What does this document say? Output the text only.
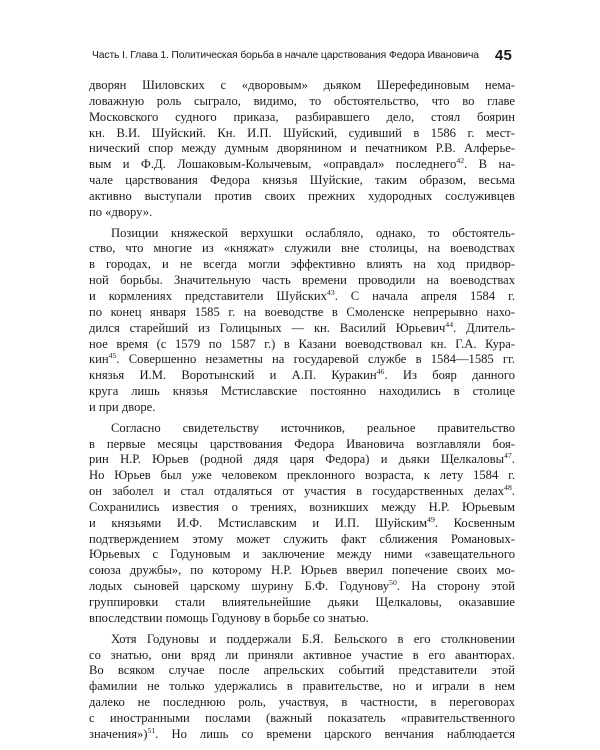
Часть I. Глава 1. Политическая борьба в начале царствования Федора Ивановича 45

дворян Шиловских с «дворовым» дьяком Шерефединовым нема-
ловажную роль сыграло, видимо, то обстоятельство, что во главе
Московского судного приказа, разбиравшего дело, стоял боярин
кн. В.И. Шуйский. Кн. И.П. Шуйский, судивший в 1586 г. мест-
нический спор между думным дворянином и печатником Р.В. Алферье-
вым и Ф.Д. Лошаковым-Колычевым, «оправдал» последнего$^{42}$. В на-
чале царствования Федора князья Шуйские, таким образом, весьма
активно выступали против своих прежних худородных сослуживцев
по «двору».

Позиции княжеской верхушки ослабляло, однако, то обстоятель-
ство, что многие из «княжат» служили вне столицы, на воеводствах
в городах, и не всегда могли эффективно влиять на ход придвор-
ной борьбы. Значительную часть времени проводили на воеводствах
и кормлениях представители Шуйских$^{43}$. С начала апреля 1584 г.
по конец января 1585 г. на воеводстве в Смоленске непрерывно нахо-
дился старейший из Голицыных — кн. Василий Юрьевич$^{44}$. Длитель-
ное время (с 1579 по 1587 г.) в Казани воеводствовал кн. Г.А. Кура-
кин$^{45}$. Совершенно незаметны на государевой службе в 1584—1585 гг.
князья И.М. Воротынский и А.П. Куракин$^{46}$. Из бояр данного
круга лишь князья Мстиславские постоянно находились в столице
и при дворе.

Согласно свидетельству источников, реальное правительство
в первые месяцы царствования Федора Ивановича возглавляли боя-
рин Н.Р. Юрьев (родной дядя царя Федора) и дьяки Щелкаловы$^{47}$.
Но Юрьев был уже человеком преклонного возраста, к лету 1584 г.
он заболел и стал отдаляться от участия в государственных делах$^{48}$.
Сохранились известия о трениях, возникших между Н.Р. Юрьевым
и князьями И.Ф. Мстиславским и И.П. Шуйским$^{49}$. Косвенным
подтверждением этому может служить факт сближения Романовых-
Юрьевых с Годуновым и заключение между ними «завещательного
союза дружбы», по которому Н.Р. Юрьев вверил попечение своих мо-
лодых сыновей царскому шурину Б.Ф. Годунову$^{50}$. На сторону этой
группировки стали влиятельнейшие дьяки Щелкаловы, оказавшие
впоследствии помощь Годунову в борьбе со знатью.

Хотя Годуновы и поддержали Б.Я. Бельского в его столкновении
со знатью, они вряд ли приняли активное участие в его авантюрах.
Во всяком случае после апрельских событий представители этой
фамилии не только удержались в правительстве, но и играли в нем
далеко не последнюю роль, участвуя, в частности, в переговорах
с иностранными послами (важный показатель «правительственного
значения»)$^{51}$. Но лишь со времени царского венчания наблюдается
